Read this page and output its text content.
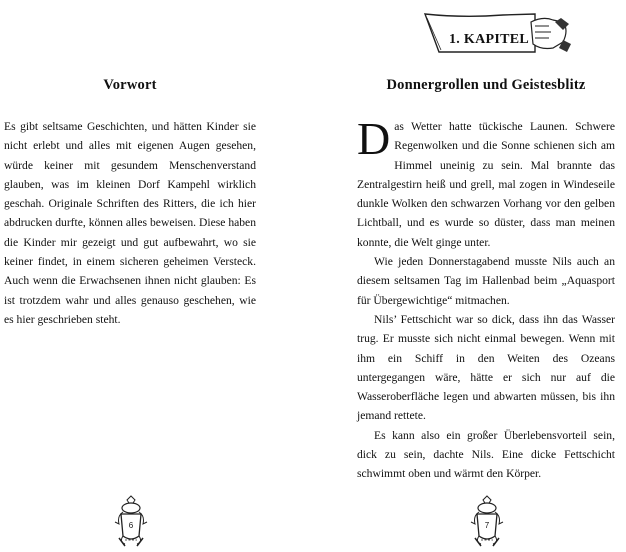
Vorwort

Es gibt seltsame Geschichten, und hätten Kinder sie nicht erlebt und alles mit eigenen Augen gesehen, würde keiner mit gesundem Menschenverstand glauben, was im kleinen Dorf Kampehl wirklich geschah. Originale Schriften des Ritters, die ich hier abdrucken durfte, können alles beweisen. Diese haben die Kinder mir gezeigt und gut aufbewahrt, wo sie keiner findet, in einem sicheren geheimen Versteck. Auch wenn die Erwachsenen ihnen nicht glauben: Es ist trotzdem wahr und alles genauso geschehen, wie es hier geschrieben steht.

6
1. KAPITEL
Donnergrollen und Geistesblitz

Das Wetter hatte tückische Launen. Schwere Regenwolken und die Sonne schienen sich am Himmel uneinig zu sein. Mal brannte das Zentralgestirn heiß und grell, mal zogen in Windeseile dunkle Wolken den schwarzen Vorhang vor den gelben Lichtball, und es wurde so düster, dass man meinen konnte, die Welt ginge unter.

Wie jeden Donnerstagabend musste Nils auch an diesem seltsamen Tag im Hallenbad beim „Aquasport für Übergewichtige“ mitmachen.

Nils’ Fettschicht war so dick, dass ihn das Wasser trug. Er musste sich nicht einmal bewegen. Wenn mit ihm ein Schiff in den Weiten des Ozeans untergegangen wäre, hätte er sich nur auf die Wasseroberfläche legen und abwarten müssen, bis ihn jemand rettete.

Es kann also ein großer Überlebensvorteil sein, dick zu sein, dachte Nils. Eine dicke Fettschicht schwimmt oben und wärmt den Körper.

7
